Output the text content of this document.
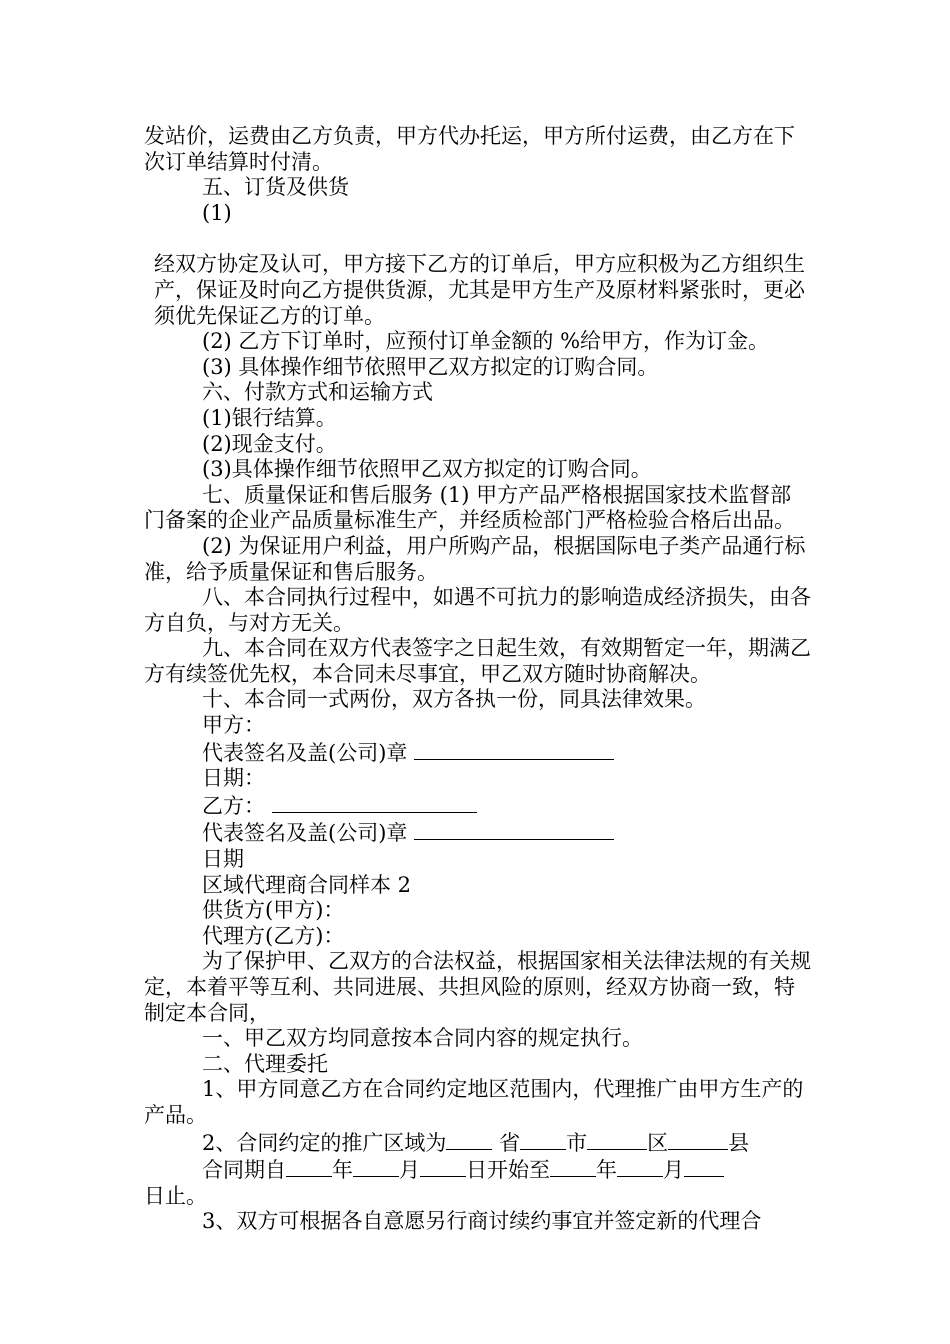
发站价，运费由乙方负责，甲方代办托运，甲方所付运费，由乙方在下次订单结算时付清。

五、订货及供货

(1)

经双方协定及认可，甲方接下乙方的订单后，甲方应积极为乙方组织生产，保证及时向乙方提供货源，尤其是甲方生产及原材料紧张时，更必须优先保证乙方的订单。

(2) 乙方下订单时，应预付订单金额的 %给甲方，作为订金。

(3) 具体操作细节依照甲乙双方拟定的订购合同。

六、付款方式和运输方式

(1)银行结算。

(2)现金支付。

(3)具体操作细节依照甲乙双方拟定的订购合同。

七、质量保证和售后服务 (1) 甲方产品严格根据国家技术监督部门备案的企业产品质量标准生产，并经质检部门严格检验合格后出品。

(2) 为保证用户利益，用户所购产品，根据国际电子类产品通行标准，给予质量保证和售后服务。

八、本合同执行过程中，如遇不可抗力的影响造成经济损失，由各方自负，与对方无关。

九、本合同在双方代表签字之日起生效，有效期暂定一年，期满乙方有续签优先权，本合同未尽事宜，甲乙双方随时协商解决。

十、本合同一式两份，双方各执一份，同具法律效果。

甲方：

代表签名及盖(公司)章

日期：

乙方：

代表签名及盖(公司)章

日期

区域代理商合同样本 2

供货方(甲方)：

代理方(乙方)：

为了保护甲、乙双方的合法权益，根据国家相关法律法规的有关规定，本着平等互利、共同进展、共担风险的原则，经双方协商一致，特制定本合同，

一、甲乙双方均同意按本合同内容的规定执行。

二、代理委托

1、甲方同意乙方在合同约定地区范围内，代理推广由甲方生产的产品。

2、合同约定的推广区域为	省 市	区	县

合同期自 年 月 日开始至 年 月

日止。

3、双方可根据各自意愿另行商讨续约事宜并签定新的代理合
